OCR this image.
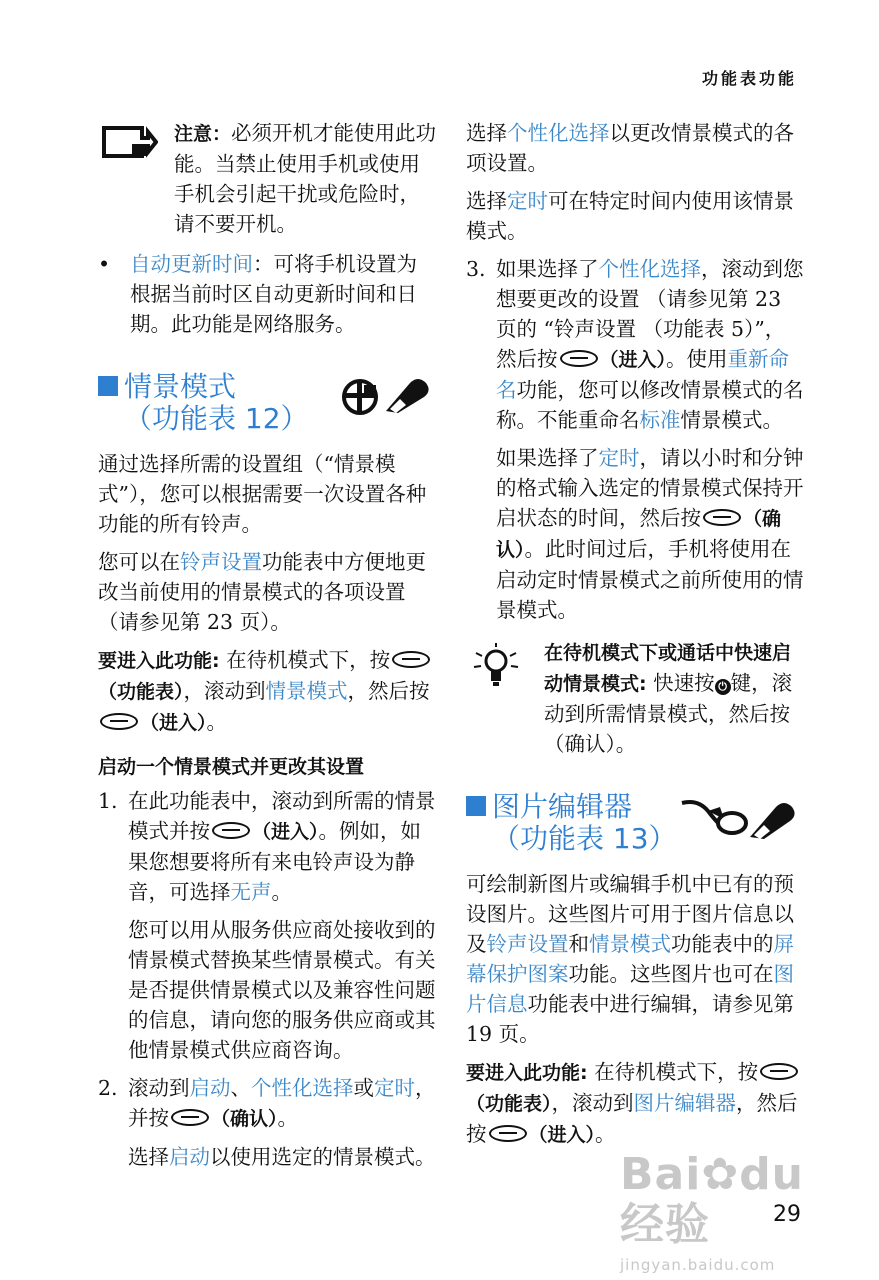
功能表功能
注意：必须开机才能使用此功能。当禁止使用手机或使用手机会引起干扰或危险时，请不要开机。
• 自动更新时间：可将手机设置为根据当前时区自动更新时间和日期。此功能是网络服务。
情景模式
（功能表 12）

通过选择所需的设置组（“情景模式”），您可以根据需要一次设置各种功能的所有铃声。

您可以在铃声设置功能表中方便地更改当前使用的情景模式的各项设置 （请参见第 23 页）。

要进入此功能: 在待机模式下，按（功能表），滚动到情景模式，然后按（进入）。

启动一个情景模式并更改其设置
1. 在此功能表中，滚动到所需的情景模式并按 （进入）。例如，如果您想要将所有来电铃声设为静音，可选择无声。

您可以用从服务供应商处接收到的情景模式替换某些情景模式。有关是否提供情景模式以及兼容性问题的信息，请向您的服务供应商或其他情景模式供应商咨询。

2. 滚动到启动、个性化选择或定时，并按 （确认）。

选择启动以使用选定的情景模式。

选择个性化选择以更改情景模式的各项设置。

选择定时可在特定时间内使用该情景模式。

3. 如果选择了个性化选择，滚动到您想要更改的设置 （请参见第 23 页的 “铃声设置 （功能表 5）”，然后按 （进入）。使用重新命名功能，您可以修改情景模式的名称。不能重命名标准情景模式。

如果选择了定时，请以小时和分钟的格式输入选定的情景模式保持开启状态的时间，然后按 （确认）。此时间过后，手机将使用在启动定时情景模式之前所使用的情景模式。

在待机模式下或通话中快速启动情景模式: 快速按 ⏻ 键，滚动到所需情景模式，然后按 （确认）。
图片编辑器
（功能表 13）

可绘制新图片或编辑手机中已有的预设图片。这些图片可用于图片信息以及铃声设置和情景模式功能表中的屏幕保护图案功能。这些图片也可在图片信息功能表中进行编辑，请参见第 19 页。

要进入此功能: 在待机模式下，按（功能表），滚动到图片编辑器，然后按 （进入）。

Bai✿du 经验
jingyan.baidu.com
29
